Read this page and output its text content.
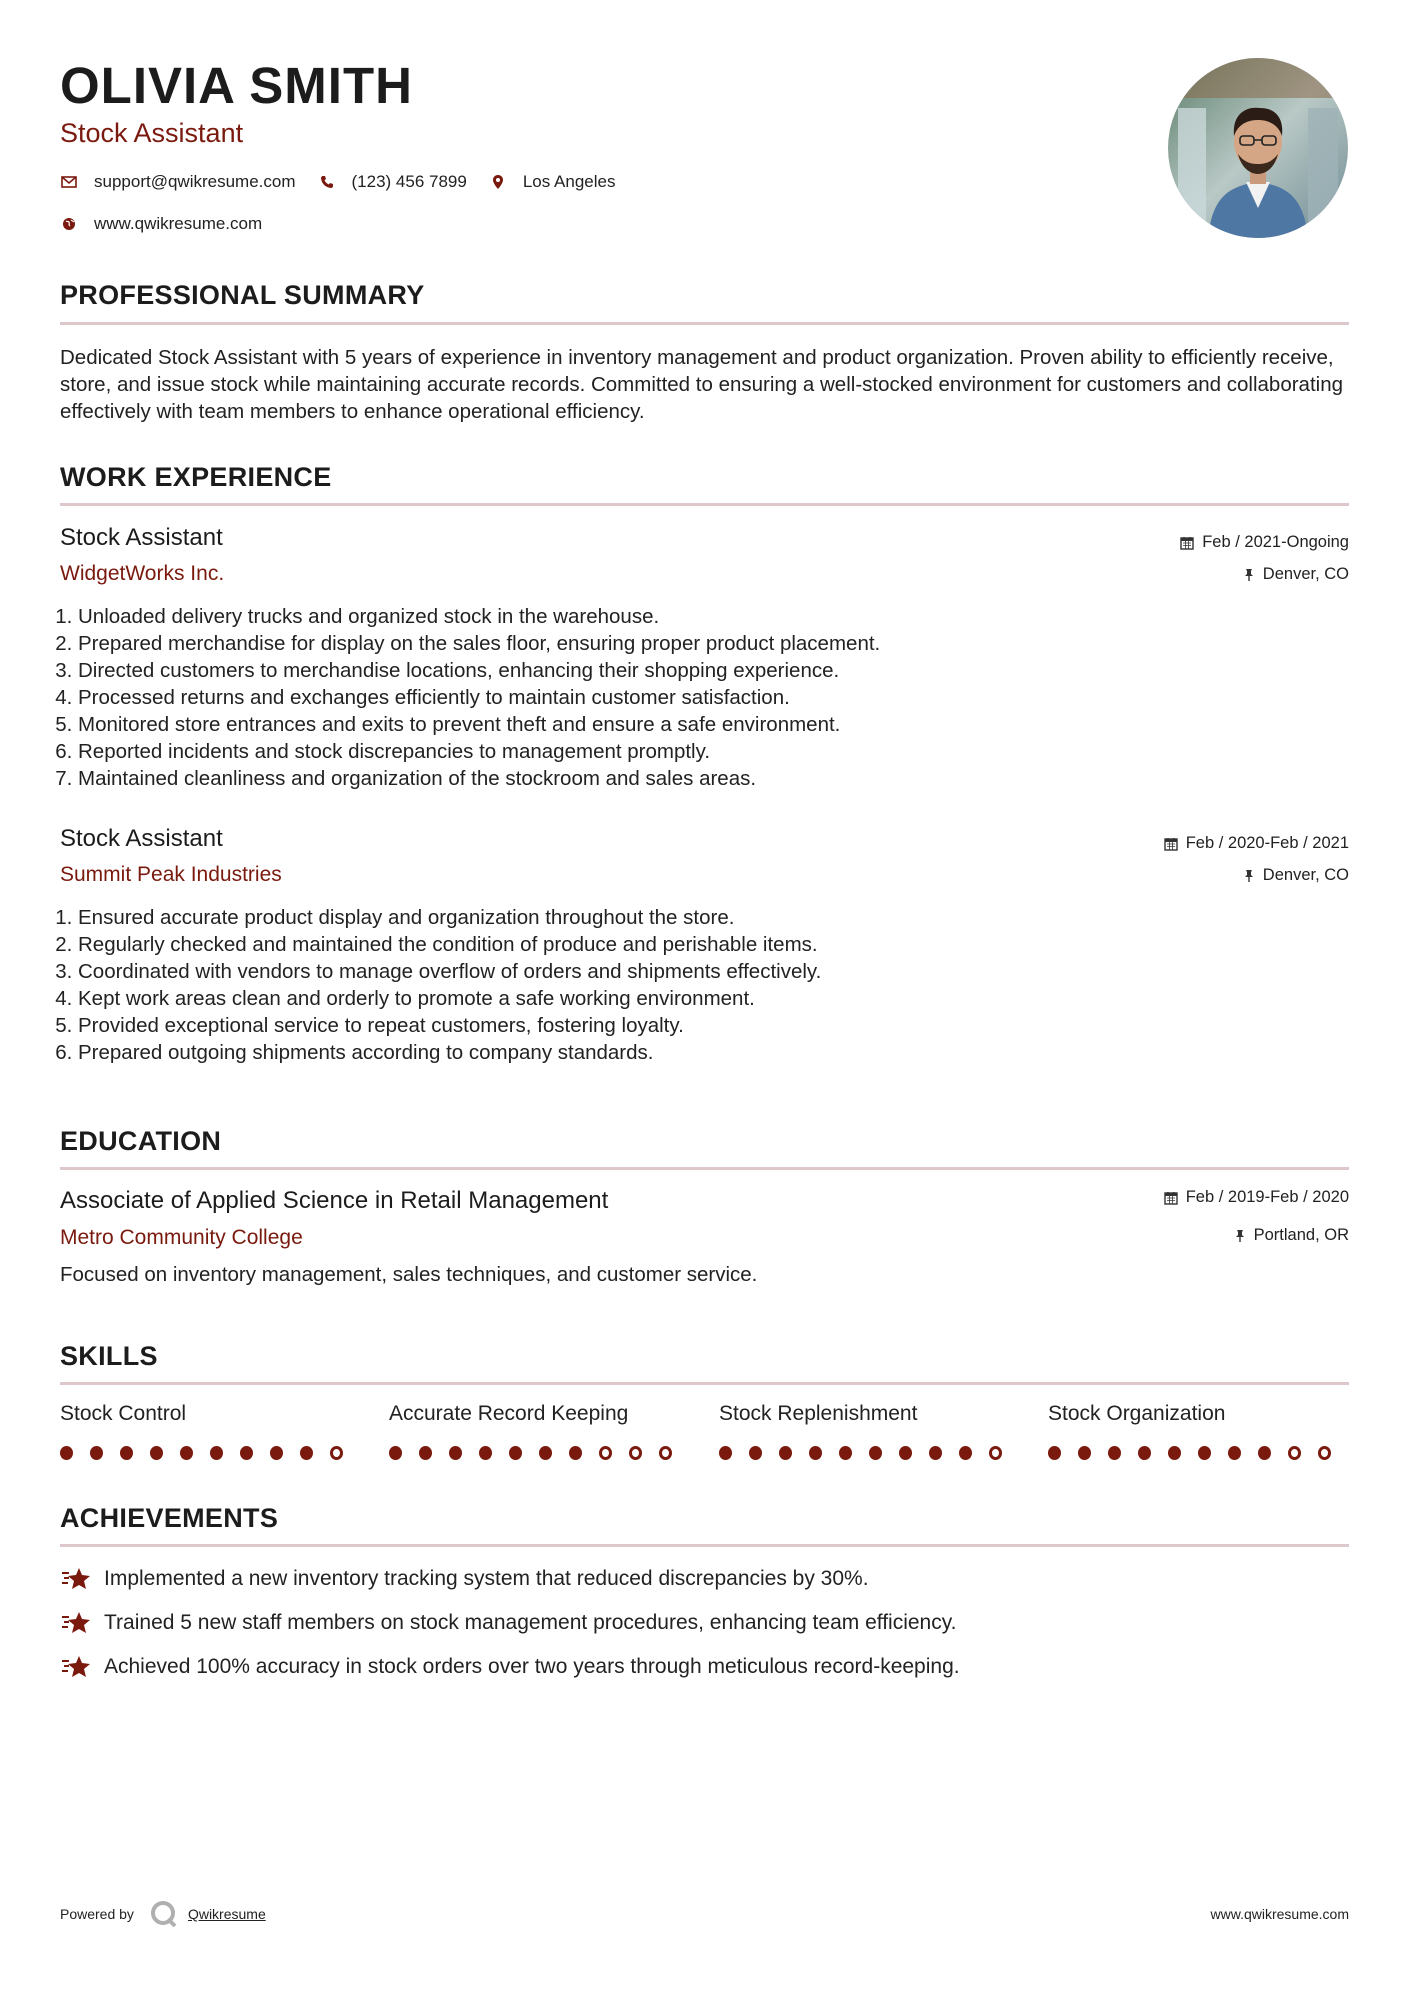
OLIVIA SMITH
Stock Assistant
support@qwikresume.com	(123) 456 7899	Los Angeles
www.qwikresume.com
PROFESSIONAL SUMMARY

Dedicated Stock Assistant with 5 years of experience in inventory management and product organization. Proven ability to efficiently receive, store, and issue stock while maintaining accurate records. Committed to ensuring a well-stocked environment for customers and collaborating effectively with team members to enhance operational efficiency.

WORK EXPERIENCE
Stock Assistant
WidgetWorks Inc.
Feb / 2021-Ongoing
Denver, CO
1. Unloaded delivery trucks and organized stock in the warehouse.
2. Prepared merchandise for display on the sales floor, ensuring proper product placement.
3. Directed customers to merchandise locations, enhancing their shopping experience.
4. Processed returns and exchanges efficiently to maintain customer satisfaction.
5. Monitored store entrances and exits to prevent theft and ensure a safe environment.
6. Reported incidents and stock discrepancies to management promptly.
7. Maintained cleanliness and organization of the stockroom and sales areas.
Stock Assistant
Summit Peak Industries
Feb / 2020-Feb / 2021
Denver, CO
1. Ensured accurate product display and organization throughout the store.
2. Regularly checked and maintained the condition of produce and perishable items.
3. Coordinated with vendors to manage overflow of orders and shipments effectively.
4. Kept work areas clean and orderly to promote a safe working environment.
5. Provided exceptional service to repeat customers, fostering loyalty.
6. Prepared outgoing shipments according to company standards.
EDUCATION
Associate of Applied Science in Retail Management
Metro Community College
Feb / 2019-Feb / 2020
Portland, OR

Focused on inventory management, sales techniques, and customer service.

SKILLS
Stock Control	Accurate Record Keeping	Stock Replenishment	Stock Organization
ACHIEVEMENTS
Implemented a new inventory tracking system that reduced discrepancies by 30%.
Trained 5 new staff members on stock management procedures, enhancing team efficiency.
Achieved 100% accuracy in stock orders over two years through meticulous record-keeping.
Powered by	Qwikresume	www.qwikresume.com
